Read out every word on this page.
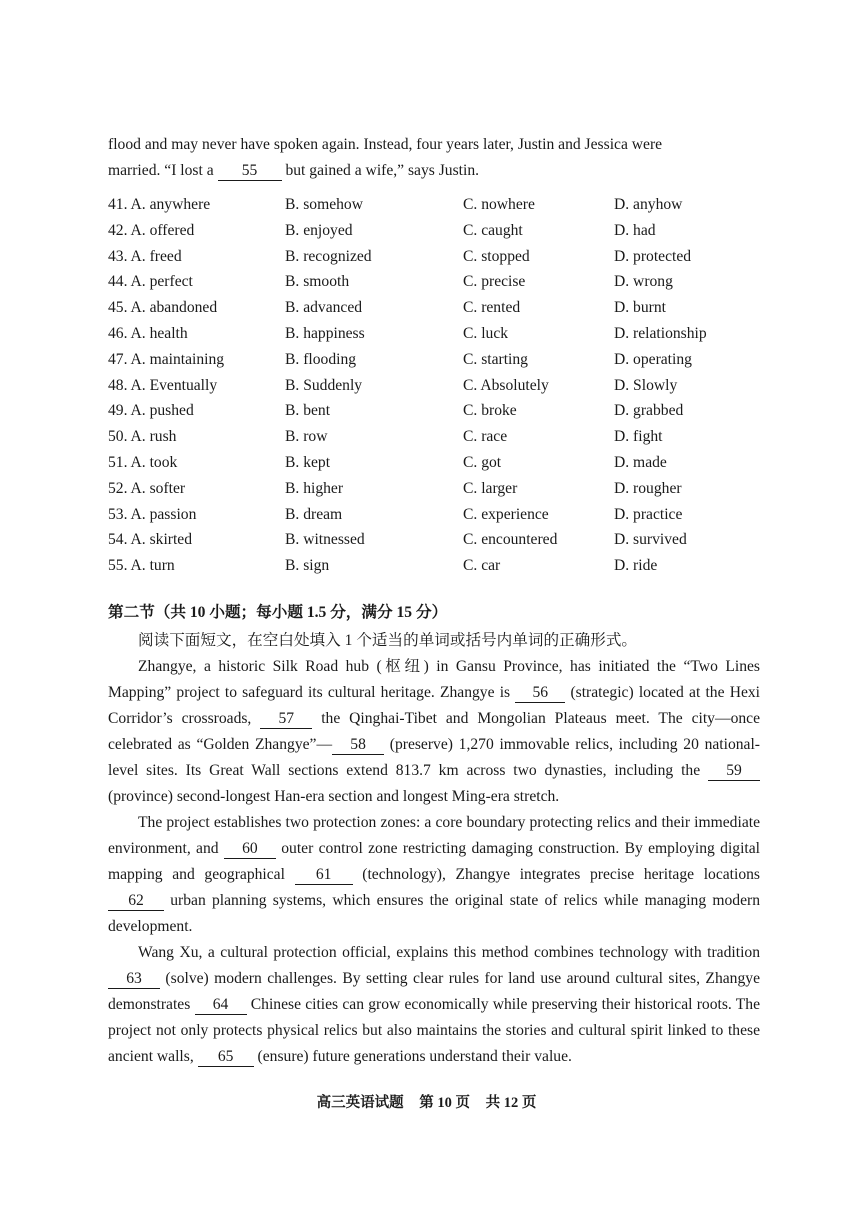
flood and may never have spoken again. Instead, four years later, Justin and Jessica were
married. “I lost a 55 but gained a wife,” says Justin.
41. A. anywhere	B. somehow	C. nowhere	D. anyhow
42. A. offered	B. enjoyed	C. caught	D. had
43. A. freed	B. recognized	C. stopped	D. protected
44. A. perfect	B. smooth	C. precise	D. wrong
45. A. abandoned	B. advanced	C. rented	D. burnt
46. A. health	B. happiness	C. luck	D. relationship
47. A. maintaining	B. flooding	C. starting	D. operating
48. A. Eventually	B. Suddenly	C. Absolutely	D. Slowly
49. A. pushed	B. bent	C. broke	D. grabbed
50. A. rush	B. row	C. race	D. fight
51. A. took	B. kept	C. got	D. made
52. A. softer	B. higher	C. larger	D. rougher
53. A. passion	B. dream	C. experience	D. practice
54. A. skirted	B. witnessed	C. encountered	D. survived
55. A. turn	B. sign	C. car	D. ride
第二节（共 10 小题；每小题 1.5 分，满分 15 分）
阅读下面短文，在空白处填入 1 个适当的单词或括号内单词的正确形式。
Zhangye, a historic Silk Road hub (枢纽) in Gansu Province, has initiated the “Two Lines Mapping” project to safeguard its cultural heritage. Zhangye is 56 (strategic) located at the Hexi Corridor’s crossroads, 57 the Qinghai-Tibet and Mongolian Plateaus meet. The city—once celebrated as “Golden Zhangye”— 58 (preserve) 1,270 immovable relics, including 20 national-level sites. Its Great Wall sections extend 813.7 km across two dynasties, including the 59 (province) second-longest Han-era section and longest Ming-era stretch.
The project establishes two protection zones: a core boundary protecting relics and their immediate environment, and 60 outer control zone restricting damaging construction. By employing digital mapping and geographical 61 (technology), Zhangye integrates precise heritage locations 62 urban planning systems, which ensures the original state of relics while managing modern development.
Wang Xu, a cultural protection official, explains this method combines technology with tradition 63 (solve) modern challenges. By setting clear rules for land use around cultural sites, Zhangye demonstrates 64 Chinese cities can grow economically while preserving their historical roots. The project not only protects physical relics but also maintains the stories and cultural spirit linked to these ancient walls, 65 (ensure) future generations understand their value.
高三英语试题 第 10 页 共 12 页
